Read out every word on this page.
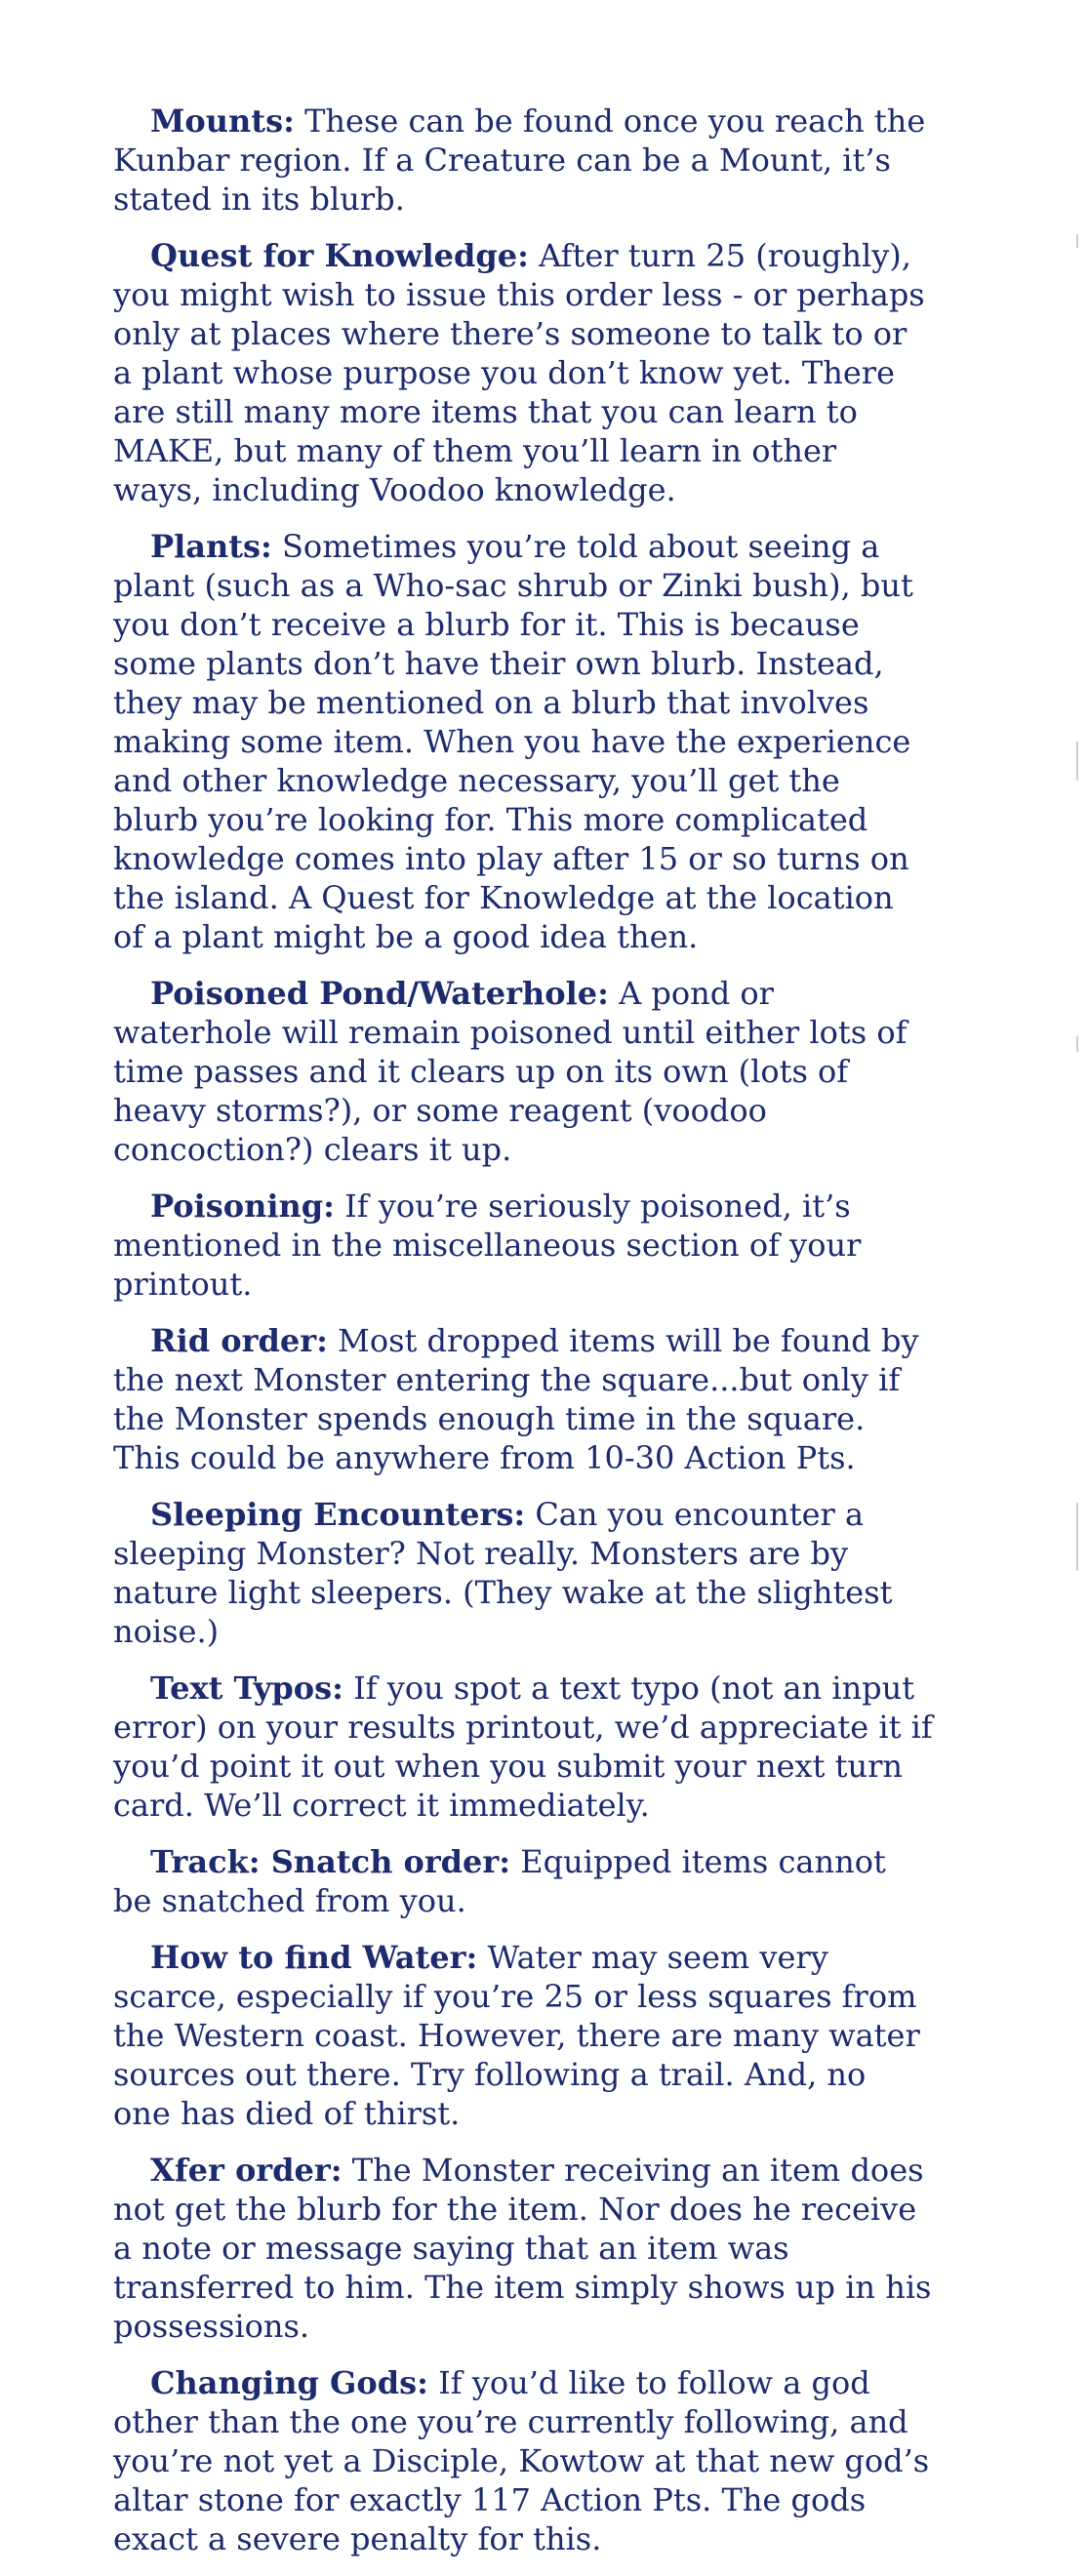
Mounts: These can be found once you reach the Kunbar region. If a Creature can be a Mount, it’s stated in its blurb.

Quest for Knowledge: After turn 25 (roughly), you might wish to issue this order less - or perhaps only at places where there’s someone to talk to or a plant whose purpose you don’t know yet. There are still many more items that you can learn to MAKE, but many of them you’ll learn in other ways, including Voodoo knowledge.

Plants: Sometimes you’re told about seeing a plant (such as a Who-sac shrub or Zinki bush), but you don’t receive a blurb for it. This is because some plants don’t have their own blurb. Instead, they may be mentioned on a blurb that involves making some item. When you have the experience and other knowledge necessary, you’ll get the blurb you’re looking for. This more complicated knowledge comes into play after 15 or so turns on the island. A Quest for Knowledge at the location of a plant might be a good idea then.

Poisoned Pond/Waterhole: A pond or waterhole will remain poisoned until either lots of time passes and it clears up on its own (lots of heavy storms?), or some reagent (voodoo concoction?) clears it up.

Poisoning: If you’re seriously poisoned, it’s mentioned in the miscellaneous section of your printout.

Rid order: Most dropped items will be found by the next Monster entering the square...but only if the Monster spends enough time in the square. This could be anywhere from 10-30 Action Pts.

Sleeping Encounters: Can you encounter a sleeping Monster? Not really. Monsters are by nature light sleepers. (They wake at the slightest noise.)

Text Typos: If you spot a text typo (not an input error) on your results printout, we’d appreciate it if you’d point it out when you submit your next turn card. We’ll correct it immediately.

Track: Snatch order: Equipped items cannot be snatched from you.

How to find Water: Water may seem very scarce, especially if you’re 25 or less squares from the Western coast. However, there are many water sources out there. Try following a trail. And, no one has died of thirst.

Xfer order: The Monster receiving an item does not get the blurb for the item. Nor does he receive a note or message saying that an item was transferred to him. The item simply shows up in his possessions.

Changing Gods: If you’d like to follow a god other than the one you’re currently following, and you’re not yet a Disciple, Kowtow at that new god’s altar stone for exactly 117 Action Pts. The gods exact a severe penalty for this.
